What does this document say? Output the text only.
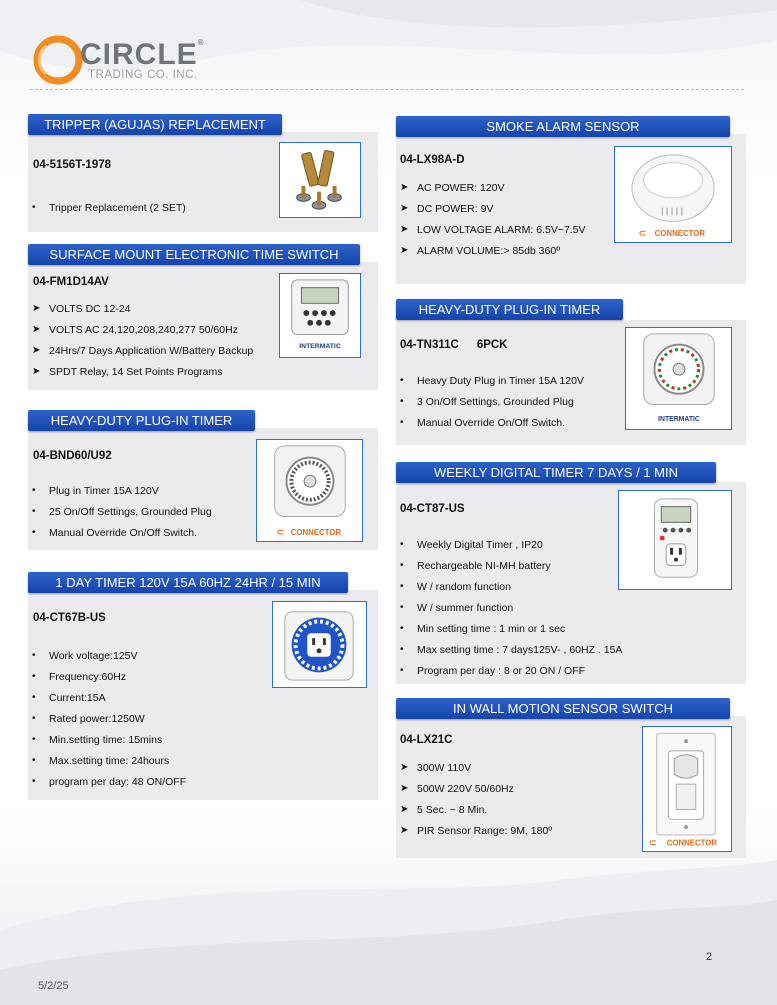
CIRCLE®
TRADING CO. INC.
TRIPPER (AGUJAS) REPLACEMENT
04-5156T-1978
• Tripper Replacement (2 SET)
SURFACE MOUNT ELECTRONIC TIME SWITCH
04-FM1D14AV
➤ VOLTS DC 12-24
➤ VOLTS AC 24,120,208,240,277 50/60Hz
➤ 24Hrs/7 Days Application W/Battery Backup
➤ SPDT Relay, 14 Set Points Programs
INTERMATIC
HEAVY-DUTY PLUG-IN TIMER
04-BND60/U92
• Plug in Timer 15A 120V
• 25 On/Off Settings, Grounded Plug
• Manual Override On/Off Switch.	CONNECTOR
⊂
1 DAY TIMER 120V 15A 60HZ 24HR / 15 MIN
04-CT67B-US
• Work voltage:125V
• Frequency:60Hz
• Current:15A
• Rated power:1250W
• Min.setting time: 15mins
• Max.setting time: 24hours
• program per day: 48 ON/OFF
SMOKE ALARM SENSOR
04-LX98A-D
➤ AC POWER: 120V
➤ DC POWER: 9V
➤ LOW VOLTAGE ALARM: 6.5V~7.5V
➤ ALARM VOLUME:> 85db 360º
⊂ CONNECTOR
HEAVY-DUTY PLUG-IN TIMER
04-TN311C 6PCK
• Heavy Duty Plug in Timer 15A 120V
• 3 On/Off Settings, Grounded Plug
• Manual Override On/Off Switch.	INTERMATIC
WEEKLY DIGITAL TIMER 7 DAYS / 1 MIN
04-CT87-US
• Weekly Digital Timer , IP20
• Rechargeable NI-MH battery
• W / random function
• W / summer function
• Min setting time : 1 min or 1 sec
• Max setting time : 7 days125V- , 60HZ . 15A
• Program per day : 8 or 20 ON / OFF
IN WALL MOTION SENSOR SWITCH
04-LX21C
➤ 300W 110V
➤ 500W 220V 50/60Hz
➤ 5 Sec. ~ 8 Min.
➤ PIR Sensor Range: 9M, 180º
⊂ CONNECTOR
2
5/2/25
